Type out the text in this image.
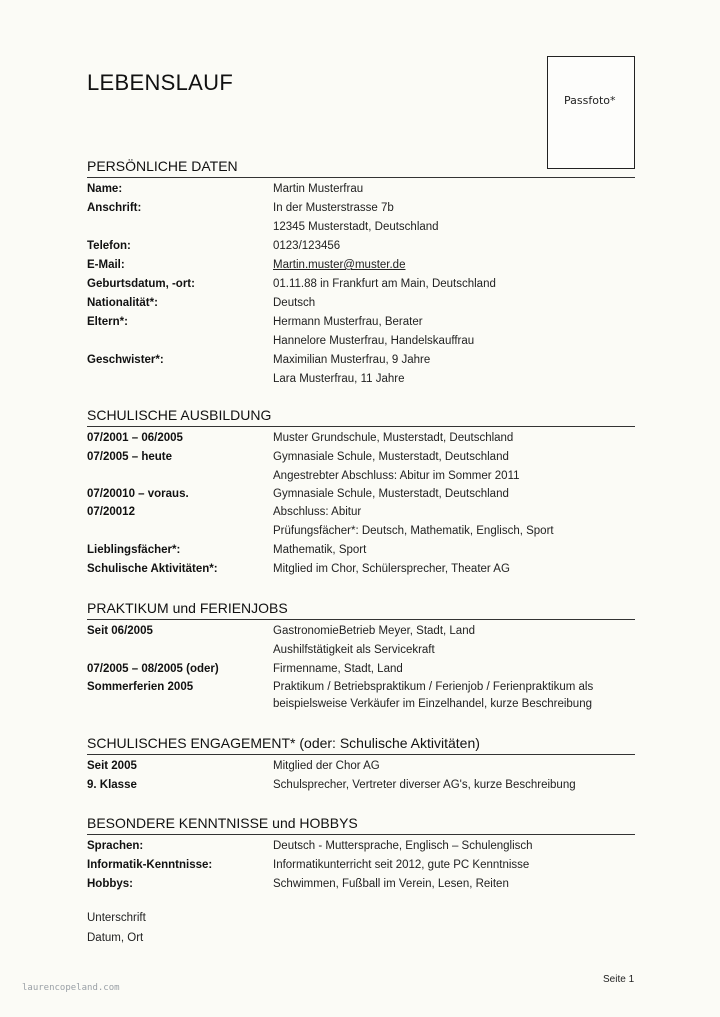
LEBENSLAUF
Passfoto*
PERSÖNLICHE DATEN
Name:	Martin Musterfrau
Anschrift:	In der Musterstrasse 7b
12345 Musterstadt, Deutschland
Telefon:	0123/123456
E-Mail:	Martin.muster@muster.de
Geburtsdatum, -ort:	01.11.88 in Frankfurt am Main, Deutschland
Nationalität*:	Deutsch
Eltern*:	Hermann Musterfrau, Berater
Hannelore Musterfrau, Handelskauffrau
Geschwister*:	Maximilian Musterfrau, 9 Jahre
Lara Musterfrau, 11 Jahre
SCHULISCHE AUSBILDUNG
07/2001 – 06/2005	Muster Grundschule, Musterstadt, Deutschland
07/2005 – heute	Gymnasiale Schule, Musterstadt, Deutschland
Angestrebter Abschluss: Abitur im Sommer 2011
07/20010 – voraus.	Gymnasiale Schule, Musterstadt, Deutschland
07/20012	Abschluss: Abitur
Prüfungsfächer*: Deutsch, Mathematik, Englisch, Sport
Lieblingsfächer*:	Mathematik, Sport
Schulische Aktivitäten*:	Mitglied im Chor, Schülersprecher, Theater AG
PRAKTIKUM und FERIENJOBS
Seit 06/2005	GastronomieBetrieb Meyer, Stadt, Land
Aushilfstätigkeit als Servicekraft
07/2005 – 08/2005 (oder)	Firmenname, Stadt, Land
Sommerferien 2005	Praktikum / Betriebspraktikum / Ferienjob / Ferienpraktikum als
beispielsweise Verkäufer im Einzelhandel, kurze Beschreibung
SCHULISCHES ENGAGEMENT* (oder: Schulische Aktivitäten)
Seit 2005	Mitglied der Chor AG
9. Klasse	Schulsprecher, Vertreter diverser AG's, kurze Beschreibung
BESONDERE KENNTNISSE und HOBBYS
Sprachen:	Deutsch - Muttersprache, Englisch – Schulenglisch
Informatik-Kenntnisse:	Informatikunterricht seit 2012, gute PC Kenntnisse
Hobbys:	Schwimmen, Fußball im Verein, Lesen, Reiten
Unterschrift
Datum, Ort
Seite 1
laurencopeland.com
